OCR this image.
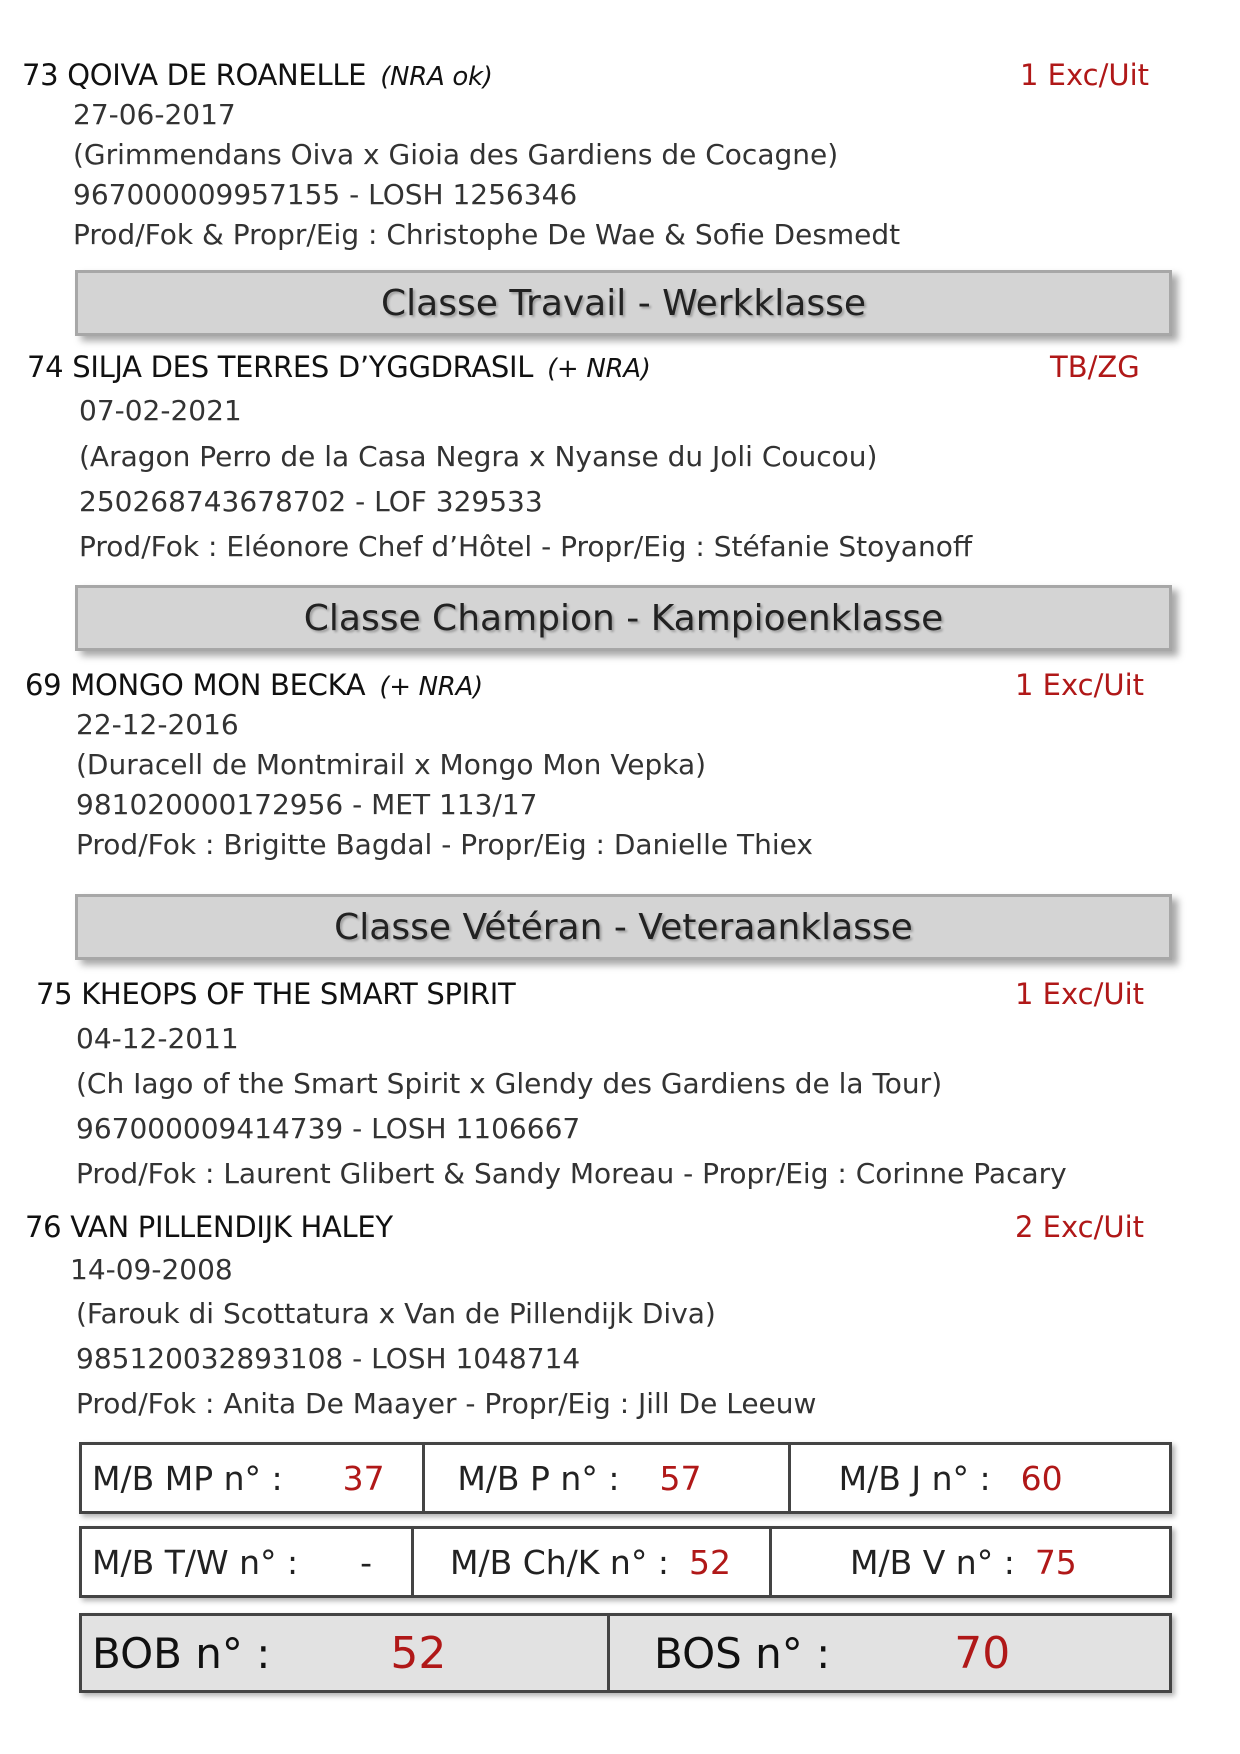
73 QOIVA DE ROANELLE (NRA ok)	1 Exc/Uit
27-06-2017
(Grimmendans Oiva x Gioia des Gardiens de Cocagne)
967000009957155 - LOSH 1256346
Prod/Fok & Propr/Eig : Christophe De Wae & Sofie Desmedt
Classe Travail - Werkklasse
74 SILJA DES TERRES D’YGGDRASIL (+ NRA)	TB/ZG
07-02-2021
(Aragon Perro de la Casa Negra x Nyanse du Joli Coucou)
250268743678702 - LOF 329533
Prod/Fok : Eléonore Chef d’Hôtel - Propr/Eig : Stéfanie Stoyanoff
Classe Champion - Kampioenklasse
69 MONGO MON BECKA (+ NRA)	1 Exc/Uit
22-12-2016
(Duracell de Montmirail x Mongo Mon Vepka)
981020000172956 - MET 113/17
Prod/Fok : Brigitte Bagdal - Propr/Eig : Danielle Thiex
Classe Vétéran - Veteraanklasse
75 KHEOPS OF THE SMART SPIRIT	1 Exc/Uit
04-12-2011
(Ch Iago of the Smart Spirit x Glendy des Gardiens de la Tour)
967000009414739 - LOSH 1106667
Prod/Fok : Laurent Glibert & Sandy Moreau - Propr/Eig : Corinne Pacary
76 VAN PILLENDIJK HALEY	2 Exc/Uit
14-09-2008
(Farouk di Scottatura x Van de Pillendijk Diva)
985120032893108 - LOSH 1048714
Prod/Fok : Anita De Maayer - Propr/Eig : Jill De Leeuw
M/B MP n° : 37 M/B P n° : 57	M/B J n° : 60
M/B T/W n° : - M/B Ch/K n° : 52	M/B V n° : 75
BOB n° :	52	BOS n° :	70
